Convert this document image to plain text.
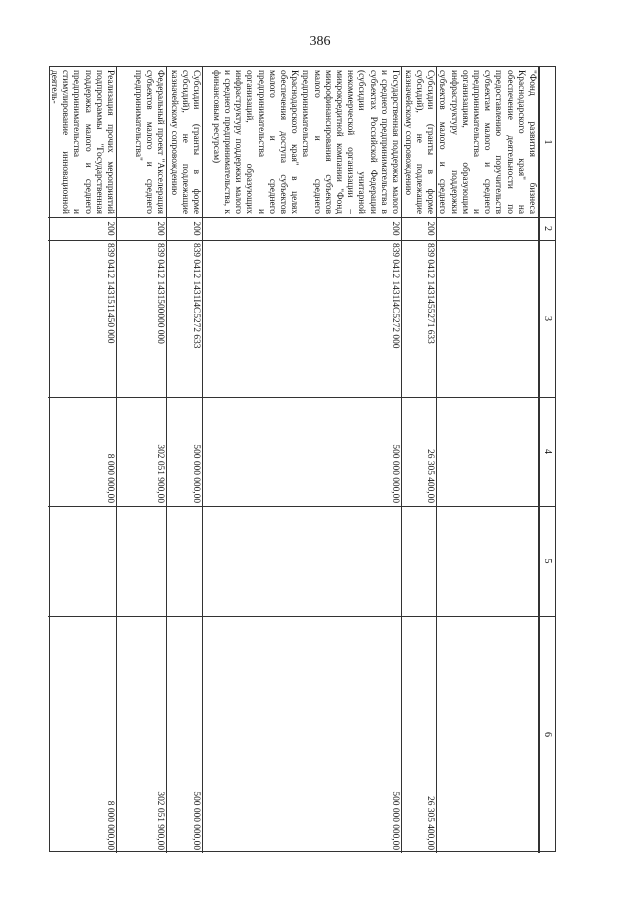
386
1
2
3
4
5
6
"Фонд развития бизнеса Краснодарского края" на обеспечение деятельности по предоставлению поручительств субъектам малого и среднего предпринимательства и организациям, образующим инфраструктуру поддержки субъектов малого и среднего
Субсидии (гранты в форме субсидий), не подлежащие казначейскому сопровождению
200
839 0412 1431455271 633
26 305 400,00
26 305 400,00
Государственная поддержка малого и среднего предпринимательства в субъектах Российской Федерации (субсидии унитарной некоммерческой организации – микрокредитной компании "Фонд микрофинансирования субъектов малого и среднего предпринимательства Краснодарского края" в целях обеспечения доступа субъектов малого и среднего предпринимательства и организаций, образующих инфраструктуру поддержки малого и среднего предпринимательства, к финансовым ресурсам)
200
839 0412 1431I4C5272 000
500 000 000,00
500 000 000,00
Субсидии (гранты в форме субсидий), не подлежащие казначейскому сопровождению
200
839 0412 1431I4C5272 633
500 000 000,00
500 000 000,00
Федеральный проект "Акселерация субъектов малого и среднего предпринимательства"
200
839 0412 1431500000 000
302 051 900,00
302 051 900,00
Реализация прочих мероприятий подпрограммы "Государственная поддержка малого и среднего предпринимательства и стимулирование инновационной деятель-
200
839 0412 1431511450 000
8 000 000,00
8 000 000,00
